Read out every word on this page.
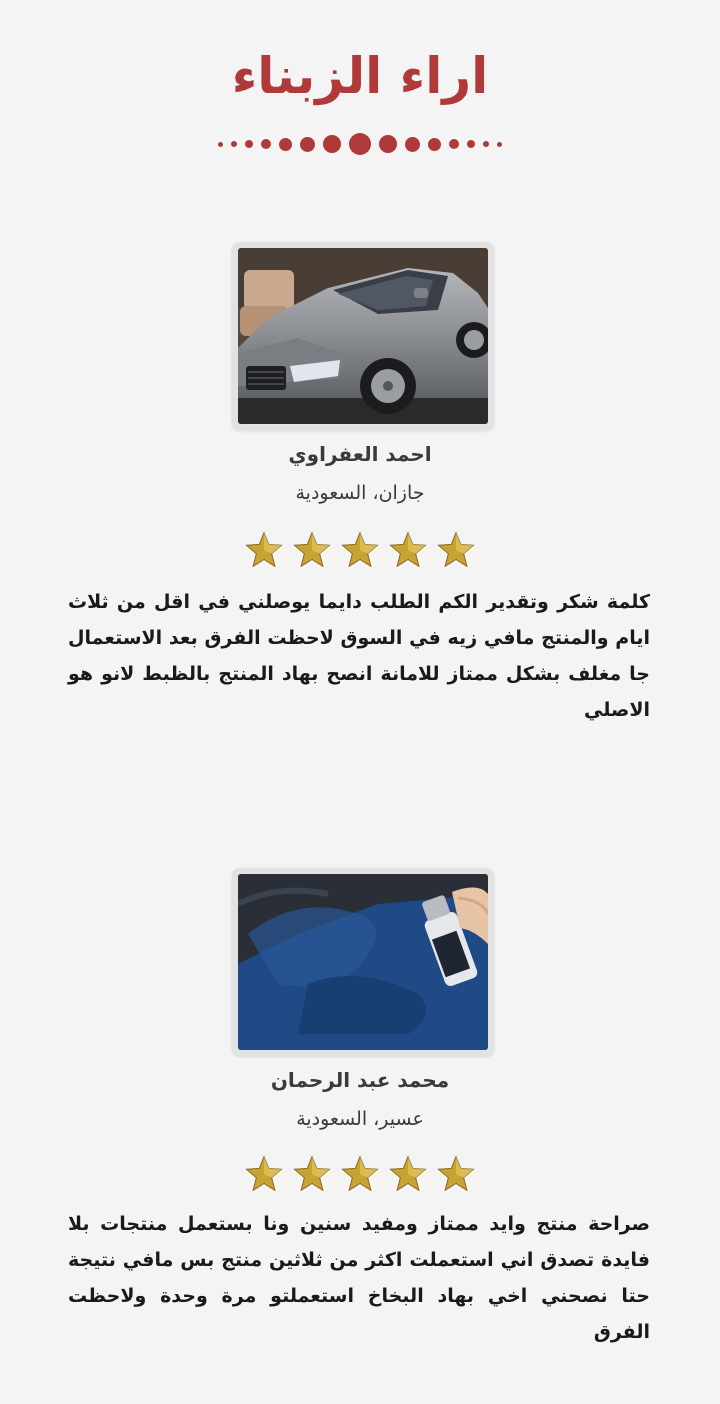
اراء الزبناء
احمد العفراوي
جازان، السعودية

كلمة شكر وتقدير الكم الطلب دايما يوصلني في اقل من ثلاث ايام والمنتج مافي زيه في السوق لاحظت الفرق بعد الاستعمال جا مغلف بشكل ممتاز للامانة انصح بهاد المنتج بالظبط لانو هو الاصلي

محمد عبد الرحمان
عسير، السعودية

صراحة منتج وايد ممتاز ومفيد سنين ونا بستعمل منتجات بلا فايدة تصدق اني استعملت اكثر من ثلاثين منتج بس مافي نتيجة حتا نصحني اخي بهاد البخاخ استعملتو مرة وحدة ولاحظت الفرق
